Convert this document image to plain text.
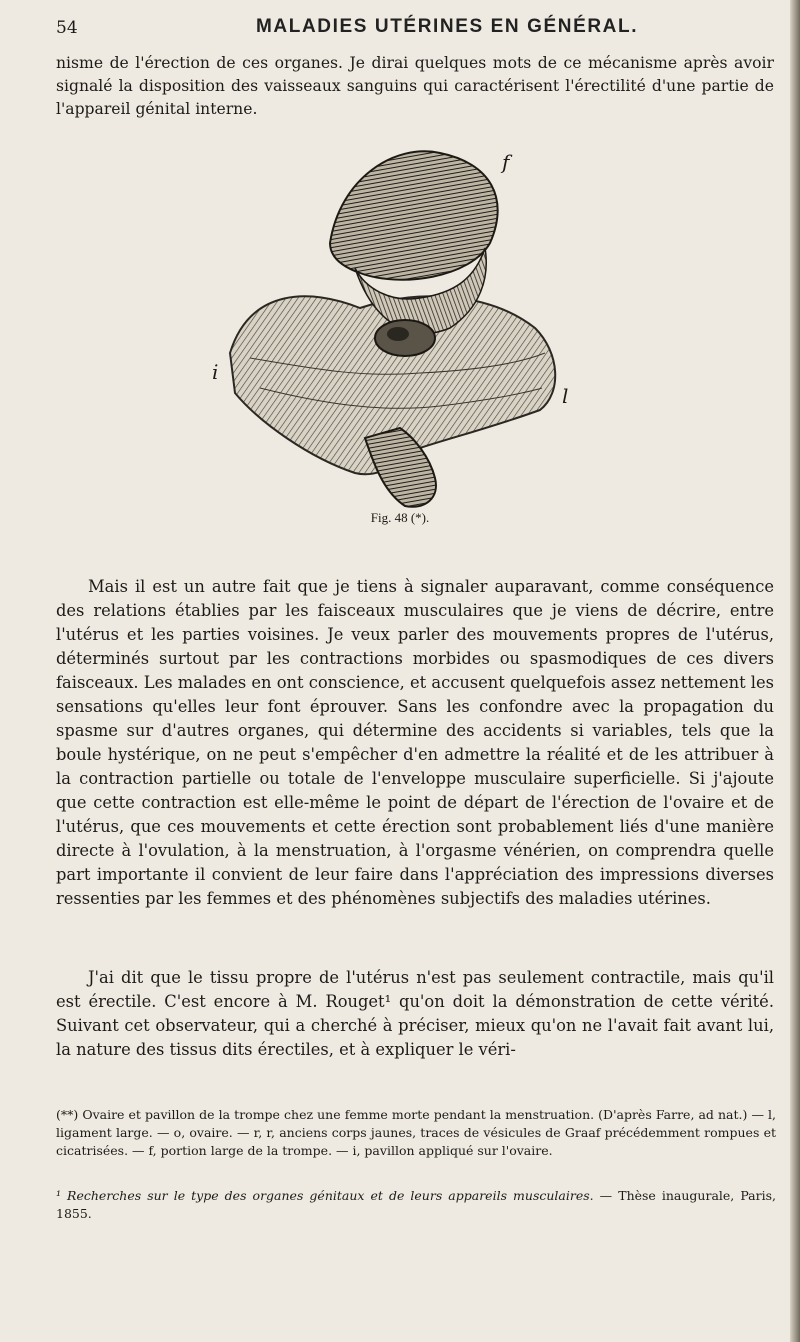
54	MALADIES UTÉRINES EN GÉNÉRAL.

nisme de l'érection de ces organes. Je dirai quelques mots de ce mécanisme après avoir signalé la disposition des vaisseaux sanguins qui caractérisent l'érectilité d'une partie de l'appareil génital interne.

f
i
l
Fig. 48 (*).

Mais il est un autre fait que je tiens à signaler auparavant, comme conséquence des relations établies par les faisceaux musculaires que je viens de décrire, entre l'utérus et les parties voisines. Je veux parler des mouvements propres de l'utérus, déterminés surtout par les contractions morbides ou spasmodiques de ces divers faisceaux. Les malades en ont conscience, et accusent quelquefois assez nettement les sensations qu'elles leur font éprouver. Sans les confondre avec la propagation du spasme sur d'autres organes, qui détermine des accidents si variables, tels que la boule hystérique, on ne peut s'empêcher d'en admettre la réalité et de les attribuer à la contraction partielle ou totale de l'enveloppe musculaire superficielle. Si j'ajoute que cette contraction est elle-même le point de départ de l'érection de l'ovaire et de l'utérus, que ces mouvements et cette érection sont probablement liés d'une manière directe à l'ovulation, à la menstruation, à l'orgasme vénérien, on comprendra quelle part importante il convient de leur faire dans l'appréciation des impressions diverses ressenties par les femmes et des phénomènes subjectifs des maladies utérines.

J'ai dit que le tissu propre de l'utérus n'est pas seulement contractile, mais qu'il est érectile. C'est encore à M. Rouget¹ qu'on doit la démonstration de cette vérité. Suivant cet observateur, qui a cherché à préciser, mieux qu'on ne l'avait fait avant lui, la nature des tissus dits érectiles, et à expliquer le véri-

(**) Ovaire et pavillon de la trompe chez une femme morte pendant la menstruation. (D'après Farre, ad nat.) — l, ligament large. — o, ovaire. — r, r, anciens corps jaunes, traces de vésicules de Graaf précédemment rompues et cicatrisées. — f, portion large de la trompe. — i, pavillon appliqué sur l'ovaire.

¹ Recherches sur le type des organes génitaux et de leurs appareils musculaires. — Thèse inaugurale, Paris, 1855.
